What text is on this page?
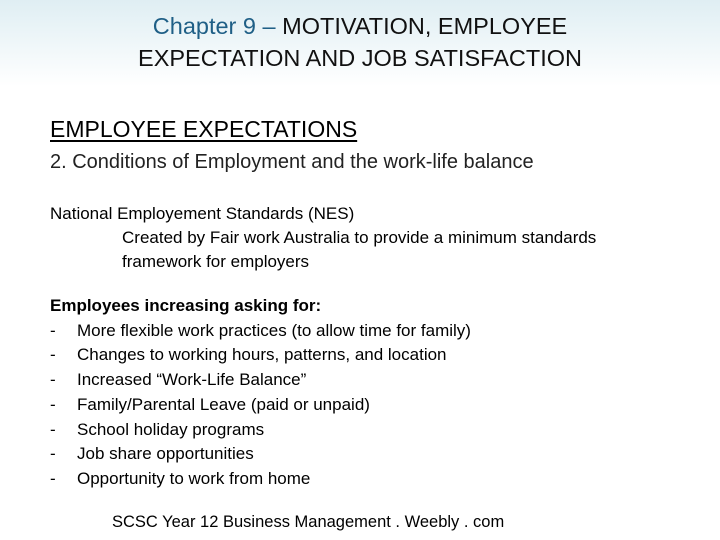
Chapter 9 – MOTIVATION, EMPLOYEE
EXPECTATION AND JOB SATISFACTION
EMPLOYEE EXPECTATIONS
2. Conditions of Employment and the work-life balance
National Employement Standards (NES)
Created by Fair work Australia to provide a minimum standards framework for employers
Employees increasing asking for:
-	More flexible work practices (to allow time for family)
-	Changes to working hours, patterns, and location
-	Increased “Work-Life Balance”
-	Family/Parental Leave (paid or unpaid)
-	School holiday programs
-	Job share opportunities
-	Opportunity to work from home
SCSC Year 12 Business Management . Weebly . com
